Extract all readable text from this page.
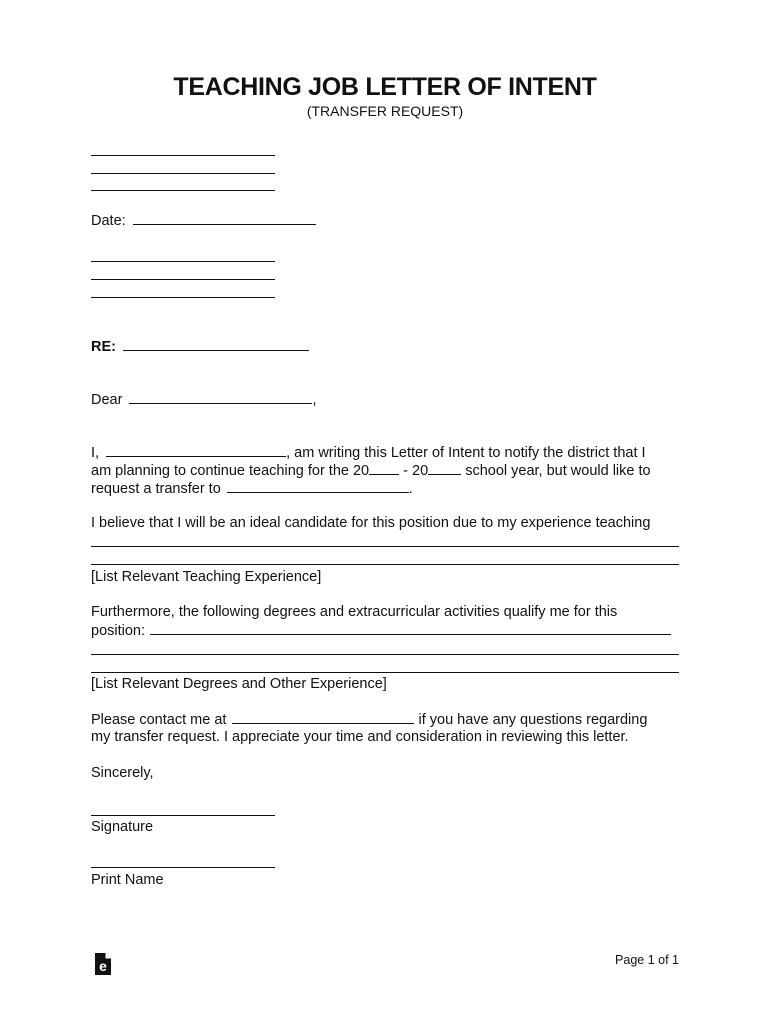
TEACHING JOB LETTER OF INTENT
(TRANSFER REQUEST)
Date:
RE:
Dear	,
I,	, am writing this Letter of Intent to notify the district that I
am planning to continue teaching for the 20 - 20	school year, but would like to
request a transfer to	.
I believe that I will be an ideal candidate for this position due to my experience teaching
[List Relevant Teaching Experience]
Furthermore, the following degrees and extracurricular activities qualify me for this
position:
[List Relevant Degrees and Other Experience]
Please contact me at	if you have any questions regarding
my transfer request. I appreciate your time and consideration in reviewing this letter.
Sincerely,
Signature
Print Name
e	Page 1 of 1
